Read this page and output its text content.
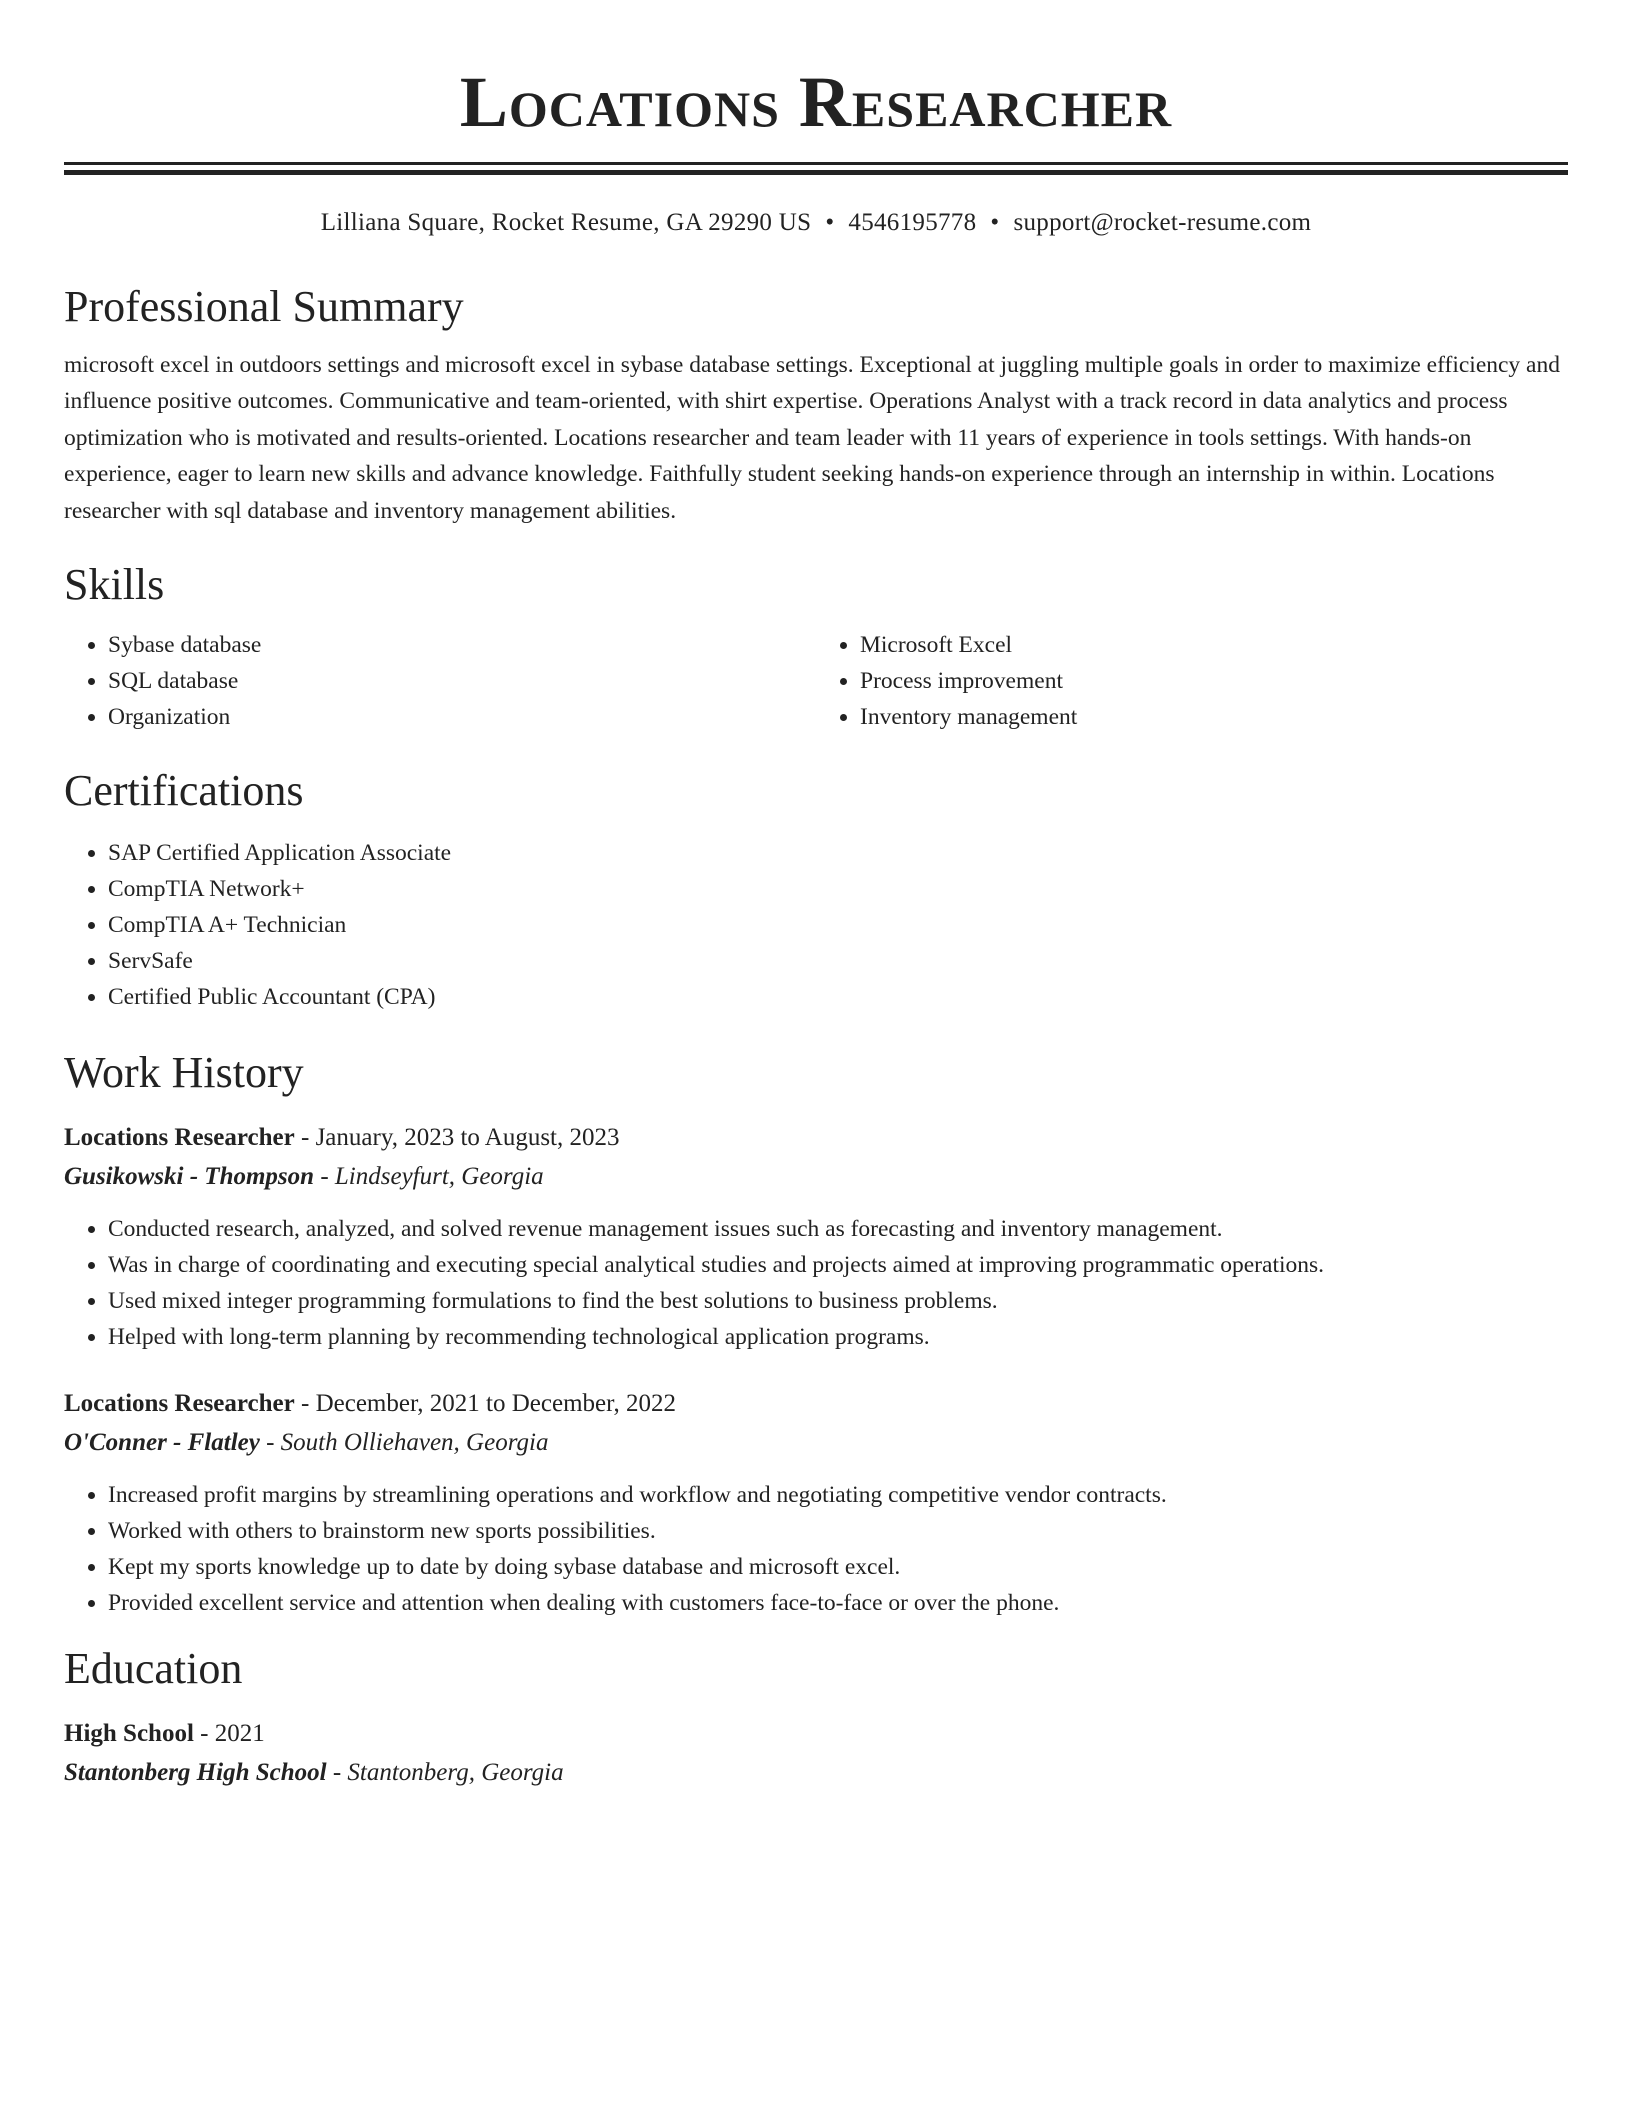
Locations Researcher
Lilliana Square, Rocket Resume, GA 29290 US • 4546195778 • support@rocket-resume.com
Professional Summary
microsoft excel in outdoors settings and microsoft excel in sybase database settings. Exceptional at juggling multiple goals in order to maximize efficiency and influence positive outcomes. Communicative and team-oriented, with shirt expertise. Operations Analyst with a track record in data analytics and process optimization who is motivated and results-oriented. Locations researcher and team leader with 11 years of experience in tools settings. With hands-on experience, eager to learn new skills and advance knowledge. Faithfully student seeking hands-on experience through an internship in within. Locations researcher with sql database and inventory management abilities.
Skills
• Sybase database
• SQL database
• Organization
• Microsoft Excel
• Process improvement
• Inventory management
Certifications
• SAP Certified Application Associate
• CompTIA Network+
• CompTIA A+ Technician
• ServSafe
• Certified Public Accountant (CPA)
Work History
Locations Researcher - January, 2023 to August, 2023
Gusikowski - Thompson - Lindseyfurt, Georgia
• Conducted research, analyzed, and solved revenue management issues such as forecasting and inventory management.
• Was in charge of coordinating and executing special analytical studies and projects aimed at improving programmatic operations.
• Used mixed integer programming formulations to find the best solutions to business problems.
• Helped with long-term planning by recommending technological application programs.
Locations Researcher - December, 2021 to December, 2022
O'Conner - Flatley - South Olliehaven, Georgia
• Increased profit margins by streamlining operations and workflow and negotiating competitive vendor contracts.
• Worked with others to brainstorm new sports possibilities.
• Kept my sports knowledge up to date by doing sybase database and microsoft excel.
• Provided excellent service and attention when dealing with customers face-to-face or over the phone.
Education
High School - 2021
Stantonberg High School - Stantonberg, Georgia
